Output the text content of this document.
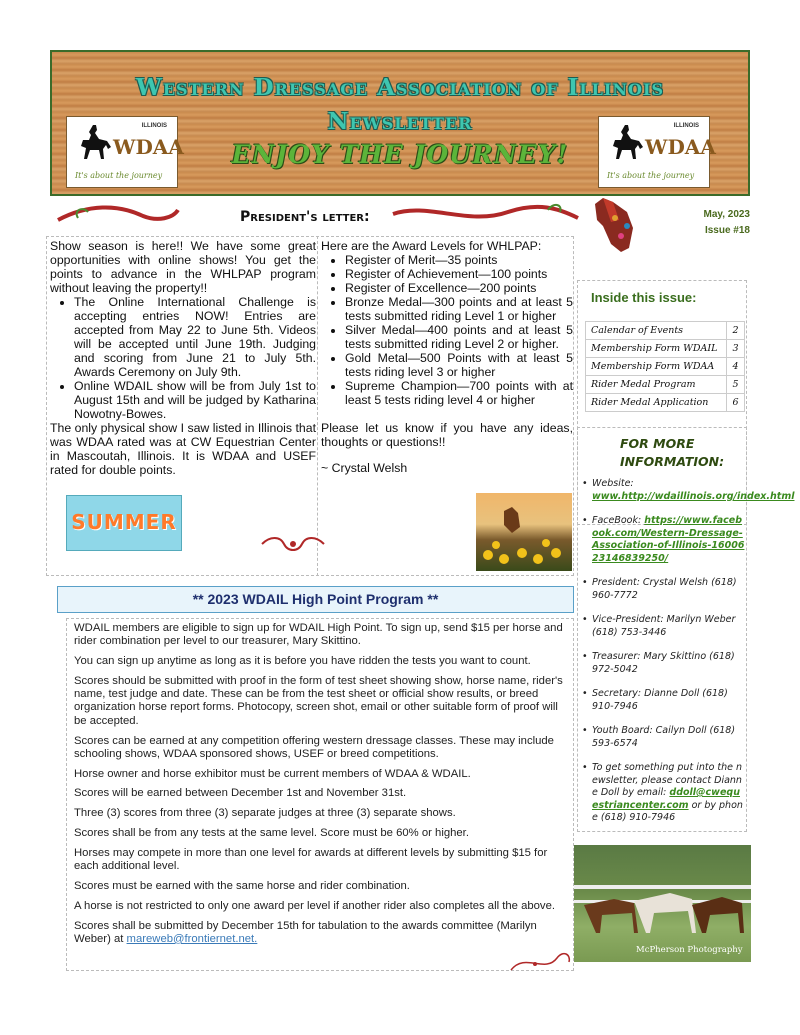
Western Dressage Association of Illinois
Newsletter
ENJOY THE JOURNEY!
ILLINOIS
WDAA
It's about the journey
ILLINOIS
WDAA
It's about the journey
President's letter:	May, 2023
Issue #18

Show season is here!! We have some great opportunities with online shows! You get the points to advance in the WHLPAP program without leaving the property!!

• The Online International Challenge is accepting entries NOW! Entries are accepted from May 22 to June 5th. Videos will be accepted until June 19th. Judging and scoring from June 21 to July 5th. Awards Ceremony on July 9th.
• Online WDAIL show will be from July 1st to August 15th and will be judged by Katharina Nowotny-Bowes.

The only physical show I saw listed in Illinois that was WDAA rated was at CW Equestrian Center in Mascoutah, Illinois. It is WDAA and USEF rated for double points.

Here are the Award Levels for WHLPAP:

• Register of Merit—35 points
• Register of Achievement—100 points
• Register of Excellence—200 points
• Bronze Medal—300 points and at least 5 tests submitted riding Level 1 or higher
• Silver Medal—400 points and at least 5 tests submitted riding Level 2 or higher.
• Gold Metal—500 Points with at least 5 tests riding level 3 or higher
• Supreme Champion—700 points with at least 5 tests riding level 4 or higher

Please let us know if you have any ideas, thoughts or questions!!

~ Crystal Welsh

SUMMER
Inside this issue:
Calendar of Events	2
Membership Form WDAIL	3
Membership Form WDAA	4
Rider Medal Program	5
Rider Medal Application	6
FOR MORE INFORMATION:
• Website: www.http://wdaillinois.org/index.html
• FaceBook: https://www.facebook.com/Western-Dressage-Association-of-Illinois-1600623146839250/
• President: Crystal Welsh (618) 960-7772
• Vice-President: Marilyn Weber (618) 753-3446
• Treasurer: Mary Skittino (618) 972-5042
• Secretary: Dianne Doll (618) 910-7946
• Youth Board: Cailyn Doll (618) 593-6574
• To get something put into the newsletter, please contact Dianne Doll by email: ddoll@cwequestriancenter.com or by phone (618) 910-7946
McPherson Photography
** 2023 WDAIL High Point Program **

WDAIL members are eligible to sign up for WDAIL High Point. To sign up, send $15 per horse and rider combination per level to our treasurer, Mary Skittino.

You can sign up anytime as long as it is before you have ridden the tests you want to count.

Scores should be submitted with proof in the form of test sheet showing show, horse name, rider's name, test judge and date. These can be from the test sheet or official show results, or breed organization horse report forms. Photocopy, screen shot, email or other suitable form of proof will be accepted.

Scores can be earned at any competition offering western dressage classes. These may include schooling shows, WDAA sponsored shows, USEF or breed competitions.

Horse owner and horse exhibitor must be current members of WDAA & WDAIL.

Scores will be earned between December 1st and November 31st.

Three (3) scores from three (3) separate judges at three (3) separate shows.

Scores shall be from any tests at the same level. Score must be 60% or higher.

Horses may compete in more than one level for awards at different levels by submitting $15 for each additional level.

Scores must be earned with the same horse and rider combination.

A horse is not restricted to only one award per level if another rider also completes all the above.

Scores shall be submitted by December 15th for tabulation to the awards committee (Marilyn Weber) at mareweb@frontiernet.net.
